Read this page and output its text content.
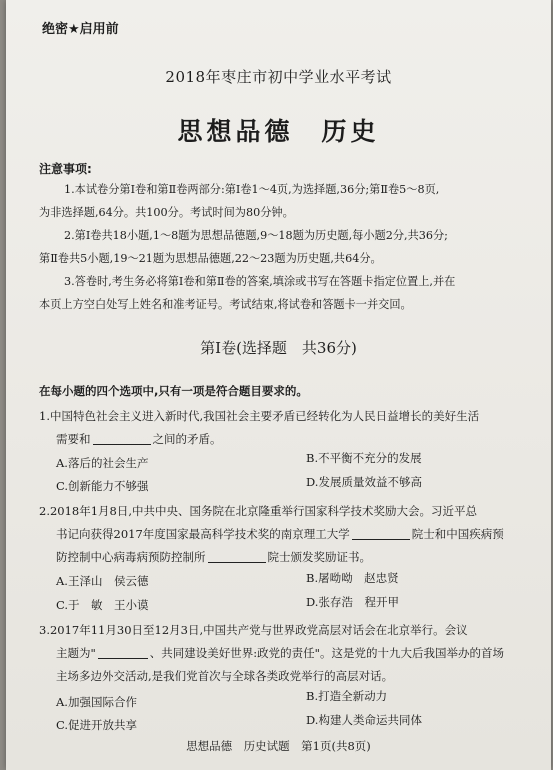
绝密★启用前
2018年枣庄市初中学业水平考试
思想品德 历史
注意事项:
1.本试卷分第Ⅰ卷和第Ⅱ卷两部分:第Ⅰ卷1～4页,为选择题,36分;第Ⅱ卷5～8页,
为非选择题,64分。共100分。考试时间为80分钟。
2.第Ⅰ卷共18小题,1～8题为思想品德题,9～18题为历史题,每小题2分,共36分;
第Ⅱ卷共5小题,19～21题为思想品德题,22～23题为历史题,共64分。
3.答卷时,考生务必将第Ⅰ卷和第Ⅱ卷的答案,填涂或书写在答题卡指定位置上,并在
本页上方空白处写上姓名和准考证号。考试结束,将试卷和答题卡一并交回。
第Ⅰ卷(选择题　共36分)
在每小题的四个选项中,只有一项是符合题目要求的。
1.中国特色社会主义进入新时代,我国社会主要矛盾已经转化为人民日益增长的美好生活
需要和	之间的矛盾。
A.落后的社会生产	B.不平衡不充分的发展
C.创新能力不够强	D.发展质量效益不够高
2.2018年1月8日,中共中央、国务院在北京隆重举行国家科学技术奖励大会。习近平总
书记向获得2017年度国家最高科学技术奖的南京理工大学	院士和中国疾病预
防控制中心病毒病预防控制所	院士颁发奖励证书。
A.王泽山　侯云德	B.屠呦呦　赵忠贤
C.于　敏　王小谟	D.张存浩　程开甲
3.2017年11月30日至12月3日,中国共产党与世界政党高层对话会在北京举行。会议
主题为"	、共同建设美好世界:政党的责任"。这是党的十九大后我国举办的首场
主场多边外交活动,是我们党首次与全球各类政党举行的高层对话。
A.加强国际合作	B.打造全新动力
C.促进开放共享	D.构建人类命运共同体
思想品德　历史试题　第1页(共8页)
